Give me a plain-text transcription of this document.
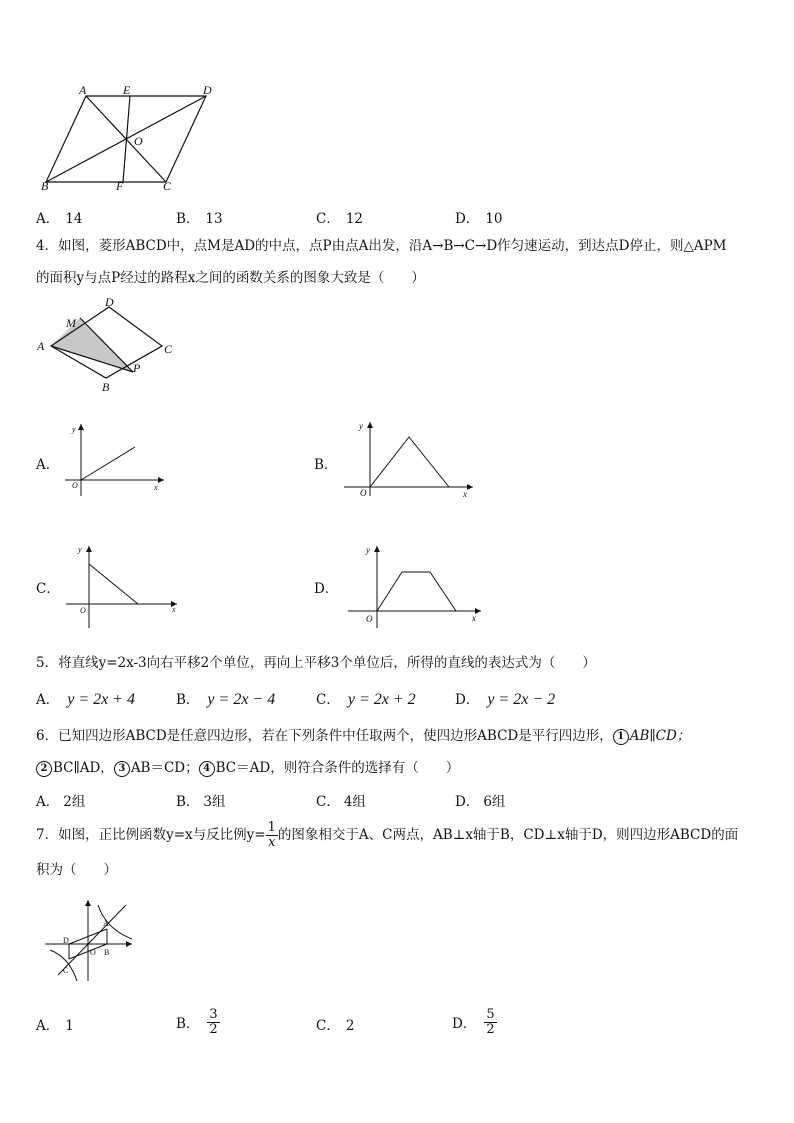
A	E	D
O
B	F	C
A． 14	B． 13	C． 12	D． 10
4．如图，菱形ABCD中，点M是AD的中点，点P由点A出发，沿A→B→C→D作匀速运动，到达点D停止，则△APM
的面积y与点P经过的路程x之间的函数关系的图象大致是（　　）
A
M
D
C
P
B
A．
x
y
O
B．
x
y
O
C．
x
y
O
D．
x
y
O
5．将直线y=2x-3向右平移2个单位，再向上平移3个单位后，所得的直线的表达式为（　　）
A． y = 2x + 4	B． y = 2x − 4	C． y = 2x + 2	D． y = 2x − 2
6．已知四边形ABCD是任意四边形，若在下列条件中任取两个，使四边形ABCD是平行四边形， 1 AB∥CD；
2 BC∥AD， 3 AB＝CD； 4 BC＝AD，则符合条件的选择有（　　）
A． 2组	B． 3组	C． 4组	D． 6组
7．如图，正比例函数y=x与反比例$y= \frac{1}{x}$ 的图象相交于A、C两点，AB⊥x轴于B，CD⊥x轴于D，则四边形ABCD的面
积为（　　）
A
D
O B
C
A． 1	B． $\frac{3}{2}$	C． 2	D． $\frac{5}{2}$
